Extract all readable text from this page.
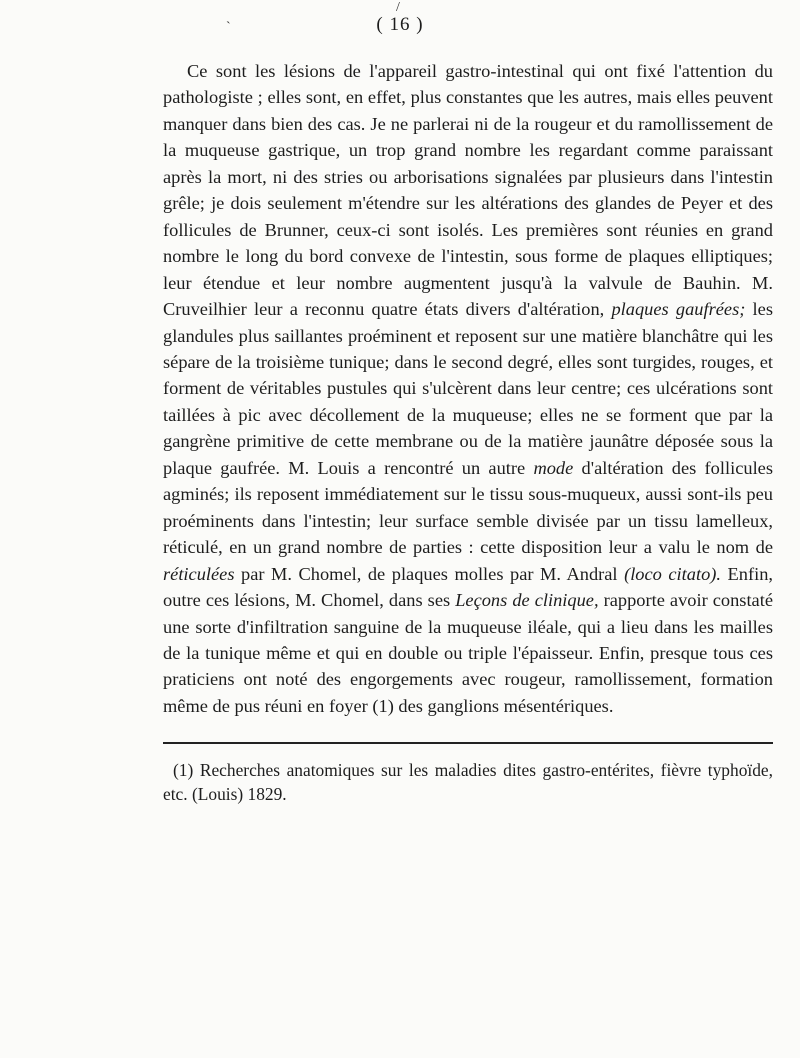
/
`	( 16 )

Ce sont les lésions de l'appareil gastro-intestinal qui ont fixé l'attention du pathologiste ; elles sont, en effet, plus constantes que les autres, mais elles peuvent manquer dans bien des cas. Je ne parlerai ni de la rougeur et du ramollissement de la muqueuse gastrique, un trop grand nombre les regardant comme paraissant après la mort, ni des stries ou arborisations signalées par plusieurs dans l'intestin grêle; je dois seulement m'étendre sur les altérations des glandes de Peyer et des follicules de Brunner, ceux-ci sont isolés. Les premières sont réunies en grand nombre le long du bord convexe de l'intestin, sous forme de plaques elliptiques; leur étendue et leur nombre augmentent jusqu'à la valvule de Bauhin. M. Cruveilhier leur a reconnu quatre états divers d'altération, plaques gaufrées; les glandules plus saillantes proéminent et reposent sur une matière blanchâtre qui les sépare de la troisième tunique; dans le second degré, elles sont turgides, rouges, et forment de véritables pustules qui s'ulcèrent dans leur centre; ces ulcérations sont taillées à pic avec décollement de la muqueuse; elles ne se forment que par la gangrène primitive de cette membrane ou de la matière jaunâtre déposée sous la plaque gaufrée. M. Louis a rencontré un autre mode d'altération des follicules agminés; ils reposent immédiatement sur le tissu sous-muqueux, aussi sont-ils peu proéminents dans l'intestin; leur surface semble divisée par un tissu lamelleux, réticulé, en un grand nombre de parties : cette disposition leur a valu le nom de réticulées par M. Chomel, de plaques molles par M. Andral (loco citato). Enfin, outre ces lésions, M. Chomel, dans ses Leçons de clinique, rapporte avoir constaté une sorte d'infiltration sanguine de la muqueuse iléale, qui a lieu dans les mailles de la tunique même et qui en double ou triple l'épaisseur. Enfin, presque tous ces praticiens ont noté des engorgements avec rougeur, ramollissement, formation même de pus réuni en foyer (1) des ganglions mésentériques.

(1) Recherches anatomiques sur les maladies dites gastro-entérites, fièvre typhoïde, etc. (Louis) 1829.
